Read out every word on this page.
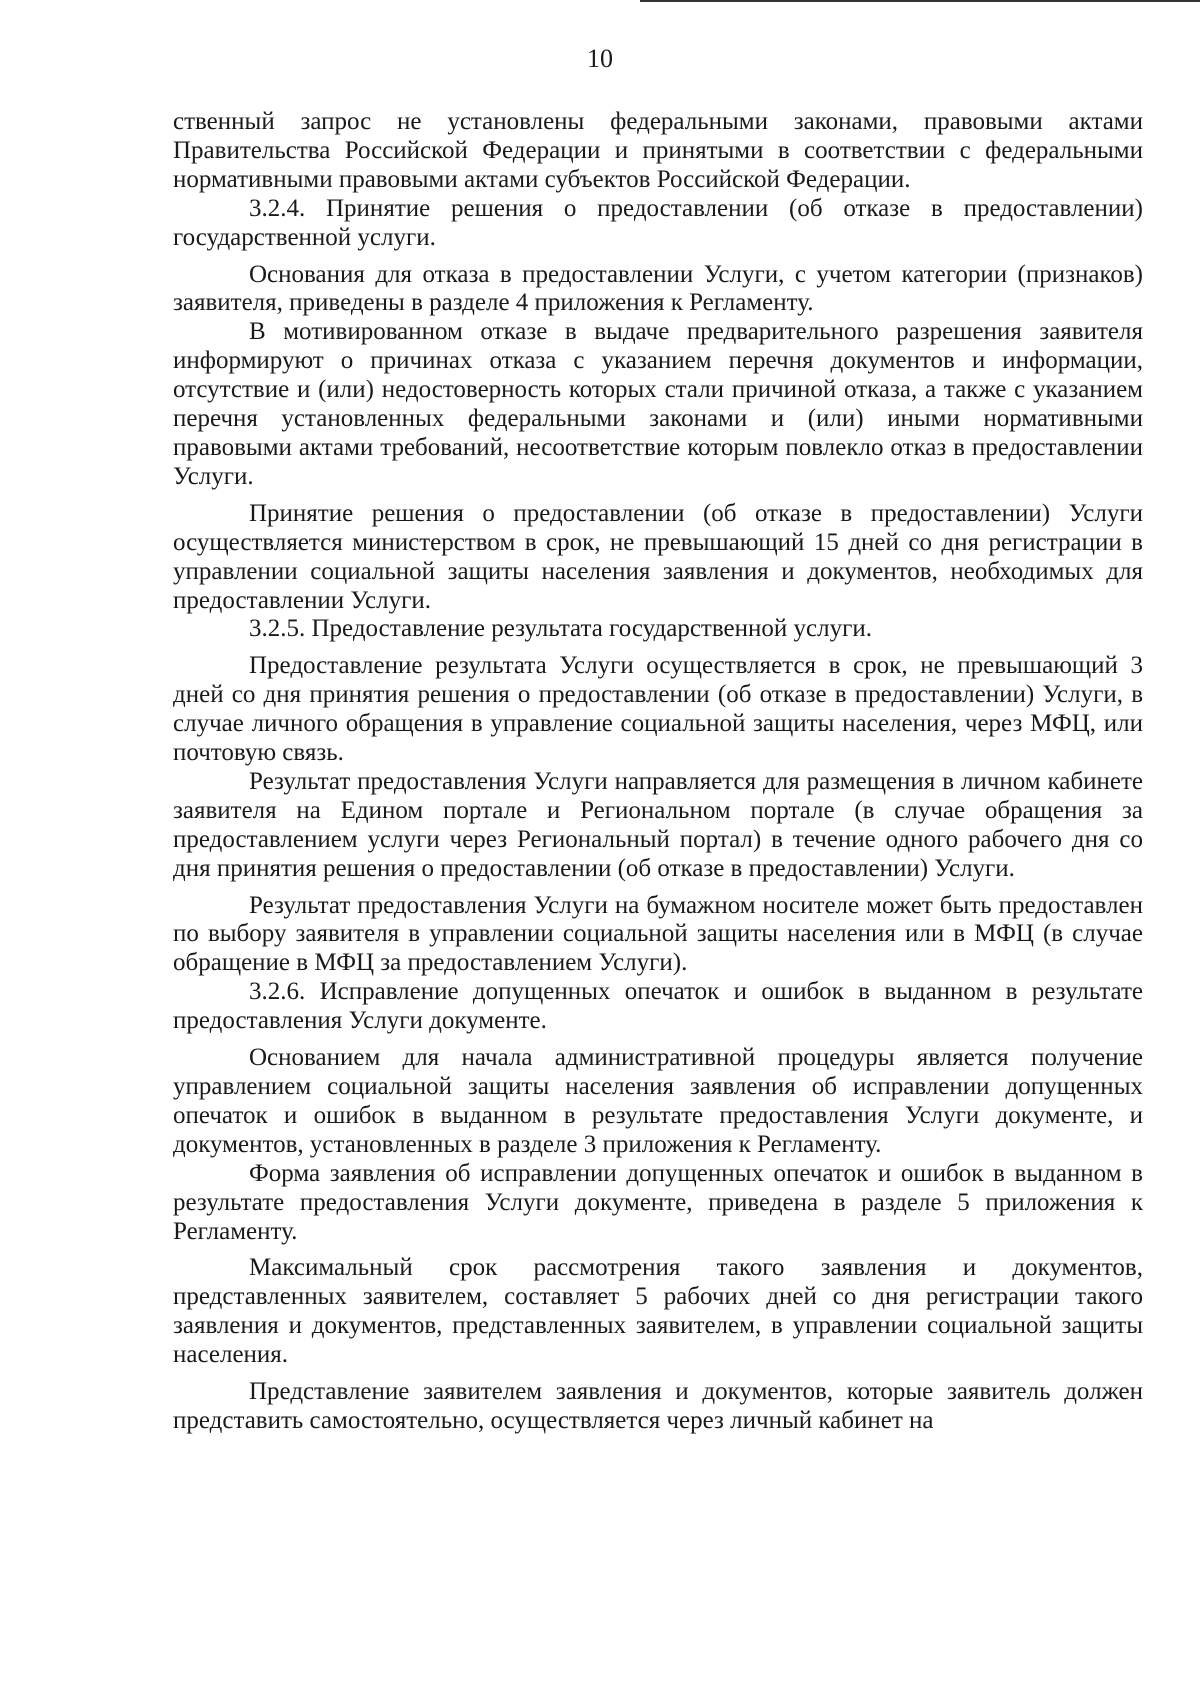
10

ственный запрос не установлены федеральными законами, правовыми актами Правительства Российской Федерации и принятыми в соответствии с федеральными нормативными правовыми актами субъектов Российской Федерации.

3.2.4. Принятие решения о предоставлении (об отказе в предоставлении) государственной услуги.

Основания для отказа в предоставлении Услуги, с учетом категории (признаков) заявителя, приведены в разделе 4 приложения к Регламенту.

В мотивированном отказе в выдаче предварительного разрешения заявителя информируют о причинах отказа с указанием перечня документов и информации, отсутствие и (или) недостоверность которых стали причиной отказа, а также с указанием перечня установленных федеральными законами и (или) иными нормативными правовыми актами требований, несоответствие которым повлекло отказ в предоставлении Услуги.

Принятие решения о предоставлении (об отказе в предоставлении) Услуги осуществляется министерством в срок, не превышающий 15 дней со дня регистрации в управлении социальной защиты населения заявления и документов, необходимых для предоставлении Услуги.

3.2.5. Предоставление результата государственной услуги.

Предоставление результата Услуги осуществляется в срок, не превышающий 3 дней со дня принятия решения о предоставлении (об отказе в предоставлении) Услуги, в случае личного обращения в управление социальной защиты населения, через МФЦ, или почтовую связь.

Результат предоставления Услуги направляется для размещения в личном кабинете заявителя на Едином портале и Региональном портале (в случае обращения за предоставлением услуги через Региональный портал) в течение одного рабочего дня со дня принятия решения о предоставлении (об отказе в предоставлении) Услуги.

Результат предоставления Услуги на бумажном носителе может быть предоставлен по выбору заявителя в управлении социальной защиты населения или в МФЦ (в случае обращение в МФЦ за предоставлением Услуги).

3.2.6. Исправление допущенных опечаток и ошибок в выданном в результате предоставления Услуги документе.

Основанием для начала административной процедуры является получение управлением социальной защиты населения заявления об исправлении допущенных опечаток и ошибок в выданном в результате предоставления Услуги документе, и документов, установленных в разделе 3 приложения к Регламенту.

Форма заявления об исправлении допущенных опечаток и ошибок в выданном в результате предоставления Услуги документе, приведена в разделе 5 приложения к Регламенту.

Максимальный срок рассмотрения такого заявления и документов, представленных заявителем, составляет 5 рабочих дней со дня регистрации такого заявления и документов, представленных заявителем, в управлении социальной защиты населения.

Представление заявителем заявления и документов, которые заявитель должен представить самостоятельно, осуществляется через личный кабинет на
